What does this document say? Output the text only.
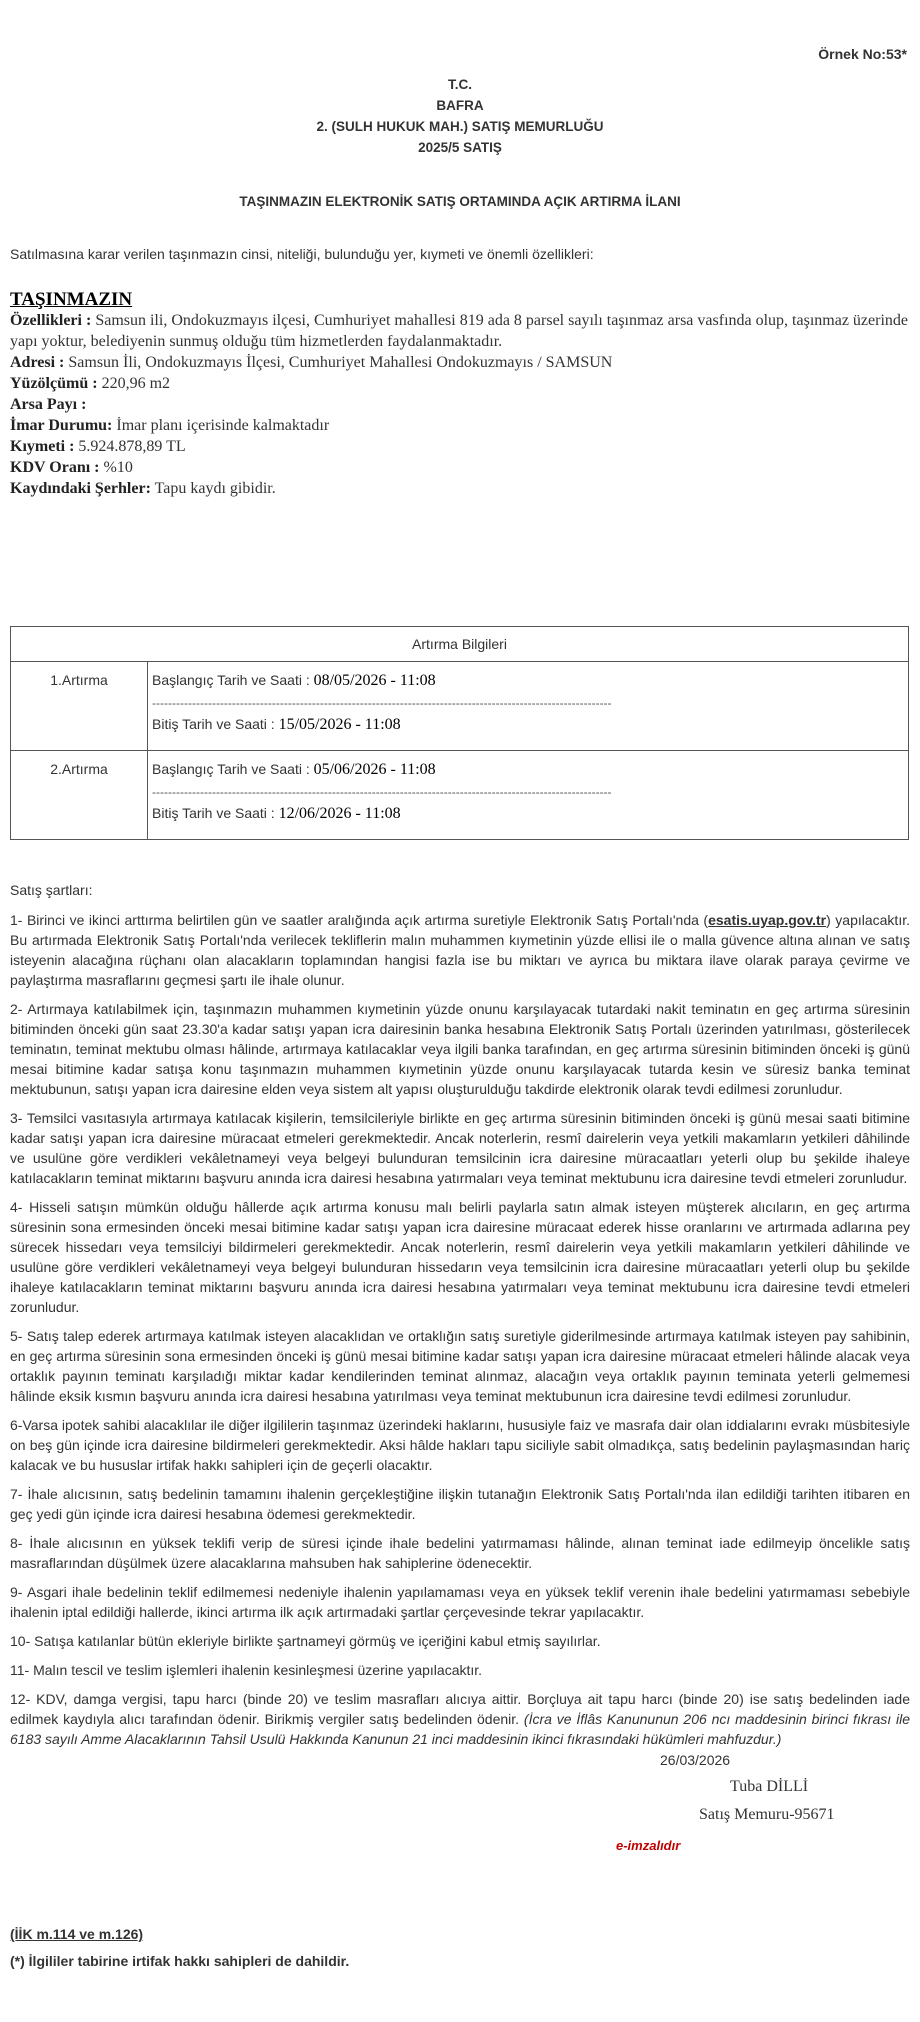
Örnek No:53*
T.C.
BAFRA
2. (SULH HUKUK MAH.) SATIŞ MEMURLUĞU
2025/5 SATIŞ
TAŞINMAZIN ELEKTRONİK SATIŞ ORTAMINDA AÇIK ARTIRMA İLANI
Satılmasına karar verilen taşınmazın cinsi, niteliği, bulunduğu yer, kıymeti ve önemli özellikleri:
TAŞINMAZIN
Özellikleri : Samsun ili, Ondokuzmayıs ilçesi, Cumhuriyet mahallesi 819 ada 8 parsel sayılı taşınmaz arsa vasfında olup, taşınmaz üzerinde yapı yoktur, belediyenin sunmuş olduğu tüm hizmetlerden faydalanmaktadır.
Adresi : Samsun İli, Ondokuzmayıs İlçesi, Cumhuriyet Mahallesi Ondokuzmayıs / SAMSUN
Yüzölçümü : 220,96 m2
Arsa Payı :
İmar Durumu: İmar planı içerisinde kalmaktadır
Kıymeti : 5.924.878,89 TL
KDV Oranı : %10
Kaydındaki Şerhler: Tapu kaydı gibidir.
Artırma Bilgileri	
1.Artırma	Başlangıç Tarih ve Saati : 08/05/2026 - 11:08
-------------------------------------------------------------------------------------------------------------------
Bitiş Tarih ve Saati : 15/05/2026 - 11:08

2.Artırma	Başlangıç Tarih ve Saati : 05/06/2026 - 11:08
-------------------------------------------------------------------------------------------------------------------
Bitiş Tarih ve Saati : 12/06/2026 - 11:08
Satış şartları:

1- Birinci ve ikinci arttırma belirtilen gün ve saatler aralığında açık artırma suretiyle Elektronik Satış Portalı'nda (esatis.uyap.gov.tr) yapılacaktır. Bu artırmada Elektronik Satış Portalı'nda verilecek tekliflerin malın muhammen kıymetinin yüzde ellisi ile o malla güvence altına alınan ve satış isteyenin alacağına rüçhanı olan alacakların toplamından hangisi fazla ise bu miktarı ve ayrıca bu miktara ilave olarak paraya çevirme ve paylaştırma masraflarını geçmesi şartı ile ihale olunur.

2- Artırmaya katılabilmek için, taşınmazın muhammen kıymetinin yüzde onunu karşılayacak tutardaki nakit teminatın en geç artırma süresinin bitiminden önceki gün saat 23.30'a kadar satışı yapan icra dairesinin banka hesabına Elektronik Satış Portalı üzerinden yatırılması, gösterilecek teminatın, teminat mektubu olması hâlinde, artırmaya katılacaklar veya ilgili banka tarafından, en geç artırma süresinin bitiminden önceki iş günü mesai bitimine kadar satışa konu taşınmazın muhammen kıymetinin yüzde onunu karşılayacak tutarda kesin ve süresiz banka teminat mektubunun, satışı yapan icra dairesine elden veya sistem alt yapısı oluşturulduğu takdirde elektronik olarak tevdi edilmesi zorunludur.

3- Temsilci vasıtasıyla artırmaya katılacak kişilerin, temsilcileriyle birlikte en geç artırma süresinin bitiminden önceki iş günü mesai saati bitimine kadar satışı yapan icra dairesine müracaat etmeleri gerekmektedir. Ancak noterlerin, resmî dairelerin veya yetkili makamların yetkileri dâhilinde ve usulüne göre verdikleri vekâletnameyi veya belgeyi bulunduran temsilcinin icra dairesine müracaatları yeterli olup bu şekilde ihaleye katılacakların teminat miktarını başvuru anında icra dairesi hesabına yatırmaları veya teminat mektubunu icra dairesine tevdi etmeleri zorunludur.

4- Hisseli satışın mümkün olduğu hâllerde açık artırma konusu malı belirli paylarla satın almak isteyen müşterek alıcıların, en geç artırma süresinin sona ermesinden önceki mesai bitimine kadar satışı yapan icra dairesine müracaat ederek hisse oranlarını ve artırmada adlarına pey sürecek hissedarı veya temsilciyi bildirmeleri gerekmektedir. Ancak noterlerin, resmî dairelerin veya yetkili makamların yetkileri dâhilinde ve usulüne göre verdikleri vekâletnameyi veya belgeyi bulunduran hissedarın veya temsilcinin icra dairesine müracaatları yeterli olup bu şekilde ihaleye katılacakların teminat miktarını başvuru anında icra dairesi hesabına yatırmaları veya teminat mektubunu icra dairesine tevdi etmeleri zorunludur.

5- Satış talep ederek artırmaya katılmak isteyen alacaklıdan ve ortaklığın satış suretiyle giderilmesinde artırmaya katılmak isteyen pay sahibinin, en geç artırma süresinin sona ermesinden önceki iş günü mesai bitimine kadar satışı yapan icra dairesine müracaat etmeleri hâlinde alacak veya ortaklık payının teminatı karşıladığı miktar kadar kendilerinden teminat alınmaz, alacağın veya ortaklık payının teminata yeterli gelmemesi hâlinde eksik kısmın başvuru anında icra dairesi hesabına yatırılması veya teminat mektubunun icra dairesine tevdi edilmesi zorunludur.

6-Varsa ipotek sahibi alacaklılar ile diğer ilgililerin taşınmaz üzerindeki haklarını, hususiyle faiz ve masrafa dair olan iddialarını evrakı müsbitesiyle on beş gün içinde icra dairesine bildirmeleri gerekmektedir. Aksi hâlde hakları tapu siciliyle sabit olmadıkça, satış bedelinin paylaşmasından hariç kalacak ve bu hususlar irtifak hakkı sahipleri için de geçerli olacaktır.

7- İhale alıcısının, satış bedelinin tamamını ihalenin gerçekleştiğine ilişkin tutanağın Elektronik Satış Portalı'nda ilan edildiği tarihten itibaren en geç yedi gün içinde icra dairesi hesabına ödemesi gerekmektedir.

8- İhale alıcısının en yüksek teklifi verip de süresi içinde ihale bedelini yatırmaması hâlinde, alınan teminat iade edilmeyip öncelikle satış masraflarından düşülmek üzere alacaklarına mahsuben hak sahiplerine ödenecektir.

9- Asgari ihale bedelinin teklif edilmemesi nedeniyle ihalenin yapılamaması veya en yüksek teklif verenin ihale bedelini yatırmaması sebebiyle ihalenin iptal edildiği hallerde, ikinci artırma ilk açık artırmadaki şartlar çerçevesinde tekrar yapılacaktır.

10- Satışa katılanlar bütün ekleriyle birlikte şartnameyi görmüş ve içeriğini kabul etmiş sayılırlar.

11- Malın tescil ve teslim işlemleri ihalenin kesinleşmesi üzerine yapılacaktır.

12- KDV, damga vergisi, tapu harcı (binde 20) ve teslim masrafları alıcıya aittir. Borçluya ait tapu harcı (binde 20) ise satış bedelinden iade edilmek kaydıyla alıcı tarafından ödenir. Birikmiş vergiler satış bedelinden ödenir. (İcra ve İflâs Kanununun 206 ncı maddesinin birinci fıkrası ile 6183 sayılı Amme Alacaklarının Tahsil Usulü Hakkında Kanunun 21 inci maddesinin ikinci fıkrasındaki hükümleri mahfuzdur.)

26/03/2026
Tuba DİLLİ
Satış Memuru-95671
e-imzalıdır
(İİK m.114 ve m.126)
(*) İlgililer tabirine irtifak hakkı sahipleri de dahildir.
